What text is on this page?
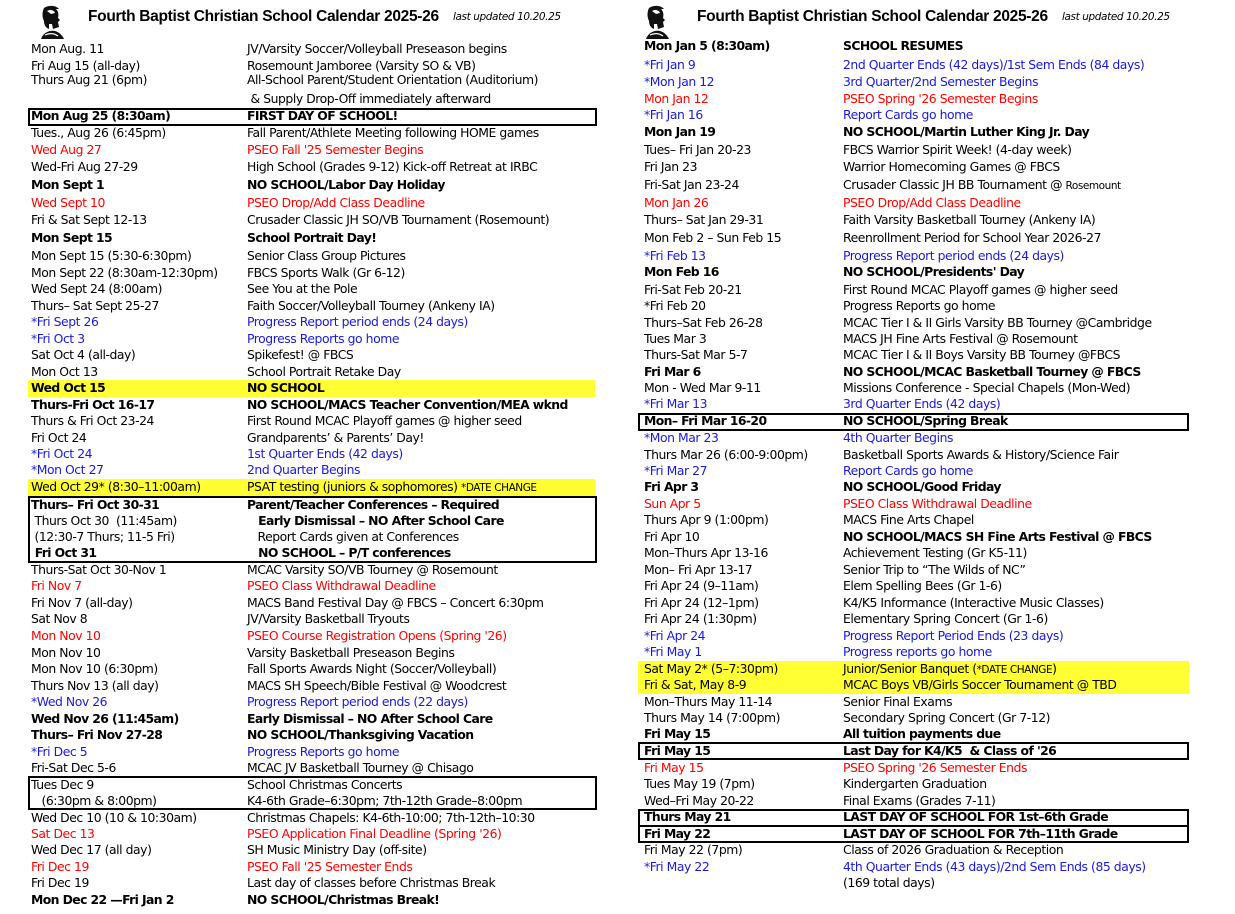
Fourth Baptist Christian School Calendar 2025-26 last updated 10.20.25
Mon Aug. 11	JV/Varsity Soccer/Volleyball Preseason begins
Fri Aug 15 (all-day)	Rosemount Jamboree (Varsity SO & VB)
Thurs Aug 21 (6pm)	All-School Parent/Student Orientation (Auditorium)
& Supply Drop-Off immediately afterward
Mon Aug 25 (8:30am)	FIRST DAY OF SCHOOL!
Tues., Aug 26 (6:45pm)	Fall Parent/Athlete Meeting following HOME games
Wed Aug 27	PSEO Fall '25 Semester Begins
Wed-Fri Aug 27-29	High School (Grades 9-12) Kick-off Retreat at IRBC
Mon Sept 1	NO SCHOOL/Labor Day Holiday
Wed Sept 10	PSEO Drop/Add Class Deadline
Fri & Sat Sept 12-13	Crusader Classic JH SO/VB Tournament (Rosemount)
Mon Sept 15	School Portrait Day!
Mon Sept 15 (5:30-6:30pm)	Senior Class Group Pictures
Mon Sept 22 (8:30am-12:30pm) FBCS Sports Walk (Gr 6-12)
Wed Sept 24 (8:00am)	See You at the Pole
Thurs– Sat Sept 25-27	Faith Soccer/Volleyball Tourney (Ankeny IA)
*Fri Sept 26	Progress Report period ends (24 days)
*Fri Oct 3	Progress Reports go home
Sat Oct 4 (all-day)	Spikefest! @ FBCS
Mon Oct 13	School Portrait Retake Day
Wed Oct 15	NO SCHOOL
Thurs-Fri Oct 16-17	NO SCHOOL/MACS Teacher Convention/MEA wknd
Thurs & Fri Oct 23-24	First Round MCAC Playoff games @ higher seed
Fri Oct 24	Grandparents’ & Parents’ Day!
*Fri Oct 24	1st Quarter Ends (42 days)
*Mon Oct 27	2nd Quarter Begins
Wed Oct 29* (8:30–11:00am)	PSAT testing (juniors & sophomores) *DATE CHANGE
Thurs– Fri Oct 30-31	Parent/Teacher Conferences – Required
Thurs Oct 30  (11:45am)	Early Dismissal – NO After School Care
(12:30-7 Thurs; 11-5 Fri)	Report Cards given at Conferences
Fri Oct 31	NO SCHOOL – P/T conferences
Thurs-Sat Oct 30-Nov 1	MCAC Varsity SO/VB Tourney @ Rosemount
Fri Nov 7	PSEO Class Withdrawal Deadline
Fri Nov 7 (all-day)	MACS Band Festival Day @ FBCS – Concert 6:30pm
Sat Nov 8	JV/Varsity Basketball Tryouts
Mon Nov 10	PSEO Course Registration Opens (Spring '26)
Mon Nov 10	Varsity Basketball Preseason Begins
Mon Nov 10 (6:30pm)	Fall Sports Awards Night (Soccer/Volleyball)
Thurs Nov 13 (all day)	MACS SH Speech/Bible Festival @ Woodcrest
*Wed Nov 26	Progress Report period ends (22 days)
Wed Nov 26 (11:45am)	Early Dismissal – NO After School Care
Thurs– Fri Nov 27-28	NO SCHOOL/Thanksgiving Vacation
*Fri Dec 5	Progress Reports go home
Fri-Sat Dec 5-6	MCAC JV Basketball Tourney @ Chisago
Tues Dec 9	School Christmas Concerts
(6:30pm & 8:00pm)	K4-6th Grade–6:30pm; 7th-12th Grade–8:00pm
Wed Dec 10 (10 & 10:30am)	Christmas Chapels: K4-6th-10:00; 7th-12th–10:30
Sat Dec 13	PSEO Application Final Deadline (Spring '26)
Wed Dec 17 (all day)	SH Music Ministry Day (off-site)
Fri Dec 19	PSEO Fall '25 Semester Ends
Fri Dec 19	Last day of classes before Christmas Break
Mon Dec 22 —Fri Jan 2	NO SCHOOL/Christmas Break!
Fourth Baptist Christian School Calendar 2025-26 last updated 10.20.25
Mon Jan 5 (8:30am)	SCHOOL RESUMES
*Fri Jan 9	2nd Quarter Ends (42 days)/1st Sem Ends (84 days)
*Mon Jan 12	3rd Quarter/2nd Semester Begins
Mon Jan 12	PSEO Spring '26 Semester Begins
*Fri Jan 16	Report Cards go home
Mon Jan 19	NO SCHOOL/Martin Luther King Jr. Day
Tues– Fri Jan 20-23	FBCS Warrior Spirit Week! (4-day week)
Fri Jan 23	Warrior Homecoming Games @ FBCS
Fri-Sat Jan 23-24	Crusader Classic JH BB Tournament @ Rosemount
Mon Jan 26	PSEO Drop/Add Class Deadline
Thurs– Sat Jan 29-31	Faith Varsity Basketball Tourney (Ankeny IA)
Mon Feb 2 – Sun Feb 15	Reenrollment Period for School Year 2026-27
*Fri Feb 13	Progress Report period ends (24 days)
Mon Feb 16	NO SCHOOL/Presidents' Day
Fri-Sat Feb 20-21	First Round MCAC Playoff games @ higher seed
*Fri Feb 20	Progress Reports go home
Thurs–Sat Feb 26-28	MCAC Tier I & II Girls Varsity BB Tourney @Cambridge
Tues Mar 3	MACS JH Fine Arts Festival @ Rosemount
Thurs-Sat Mar 5-7	MCAC Tier I & II Boys Varsity BB Tourney @FBCS
Fri Mar 6	NO SCHOOL/MCAC Basketball Tourney @ FBCS
Mon - Wed Mar 9-11	Missions Conference - Special Chapels (Mon-Wed)
*Fri Mar 13	3rd Quarter Ends (42 days)
Mon– Fri Mar 16-20	NO SCHOOL/Spring Break
*Mon Mar 23	4th Quarter Begins
Thurs Mar 26 (6:00-9:00pm)	Basketball Sports Awards & History/Science Fair
*Fri Mar 27	Report Cards go home
Fri Apr 3	NO SCHOOL/Good Friday
Sun Apr 5	PSEO Class Withdrawal Deadline
Thurs Apr 9 (1:00pm)	MACS Fine Arts Chapel
Fri Apr 10	NO SCHOOL/MACS SH Fine Arts Festival @ FBCS
Mon–Thurs Apr 13-16	Achievement Testing (Gr K5-11)
Mon– Fri Apr 13-17	Senior Trip to “The Wilds of NC”
Fri Apr 24 (9–11am)	Elem Spelling Bees (Gr 1-6)
Fri Apr 24 (12–1pm)	K4/K5 Informance (Interactive Music Classes)
Fri Apr 24 (1:30pm)	Elementary Spring Concert (Gr 1-6)
*Fri Apr 24	Progress Report Period Ends (23 days)
*Fri May 1	Progress reports go home
Sat May 2* (5–7:30pm)	Junior/Senior Banquet (*DATE CHANGE)
Fri & Sat, May 8-9	MCAC Boys VB/Girls Soccer Tournament @ TBD
Mon–Thurs May 11-14	Senior Final Exams
Thurs May 14 (7:00pm)	Secondary Spring Concert (Gr 7-12)
Fri May 15	All tuition payments due
Fri May 15	Last Day for K4/K5  & Class of '26
Fri May 15	PSEO Spring '26 Semester Ends
Tues May 19 (7pm)	Kindergarten Graduation
Wed–Fri May 20-22	Final Exams (Grades 7-11)
Thurs May 21	LAST DAY OF SCHOOL FOR 1st–6th Grade
Fri May 22	LAST DAY OF SCHOOL FOR 7th–11th Grade
Fri May 22 (7pm)	Class of 2026 Graduation & Reception
*Fri May 22	4th Quarter Ends (43 days)/2nd Sem Ends (85 days)
(169 total days)
